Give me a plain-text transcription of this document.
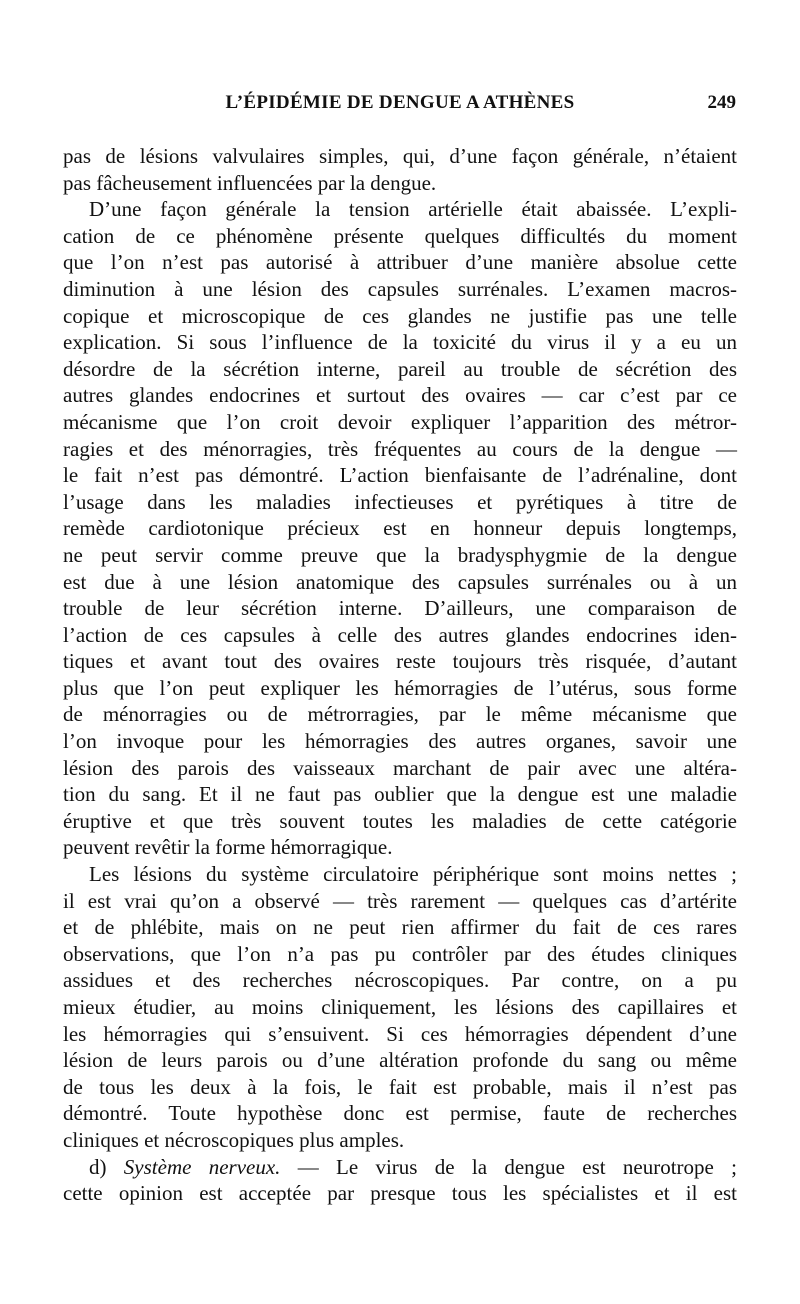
L’ÉPIDÉMIE DE DENGUE A ATHÈNES	249

pas de lésions valvulaires simples, qui, d’une façon générale, n’étaient
pas fâcheusement influencées par la dengue.

D’une façon générale la tension artérielle était abaissée. L’expli-
cation de ce phénomène présente quelques difficultés du moment
que l’on n’est pas autorisé à attribuer d’une manière absolue cette
diminution à une lésion des capsules surrénales. L’examen macros-
copique et microscopique de ces glandes ne justifie pas une telle
explication. Si sous l’influence de la toxicité du virus il y a eu un
désordre de la sécrétion interne, pareil au trouble de sécrétion des
autres glandes endocrines et surtout des ovaires — car c’est par ce
mécanisme que l’on croit devoir expliquer l’apparition des métror-
ragies et des ménorragies, très fréquentes au cours de la dengue —
le fait n’est pas démontré. L’action bienfaisante de l’adrénaline, dont
l’usage dans les maladies infectieuses et pyrétiques à titre de
remède cardiotonique précieux est en honneur depuis longtemps,
ne peut servir comme preuve que la bradysphygmie de la dengue
est due à une lésion anatomique des capsules surrénales ou à un
trouble de leur sécrétion interne. D’ailleurs, une comparaison de
l’action de ces capsules à celle des autres glandes endocrines iden-
tiques et avant tout des ovaires reste toujours très risquée, d’autant
plus que l’on peut expliquer les hémorragies de l’utérus, sous forme
de ménorragies ou de métrorragies, par le même mécanisme que
l’on invoque pour les hémorragies des autres organes, savoir une
lésion des parois des vaisseaux marchant de pair avec une altéra-
tion du sang. Et il ne faut pas oublier que la dengue est une maladie
éruptive et que très souvent toutes les maladies de cette catégorie
peuvent revêtir la forme hémorragique.

Les lésions du système circulatoire périphérique sont moins nettes ;
il est vrai qu’on a observé — très rarement — quelques cas d’artérite
et de phlébite, mais on ne peut rien affirmer du fait de ces rares
observations, que l’on n’a pas pu contrôler par des études cliniques
assidues et des recherches nécroscopiques. Par contre, on a pu
mieux étudier, au moins cliniquement, les lésions des capillaires et
les hémorragies qui s’ensuivent. Si ces hémorragies dépendent d’une
lésion de leurs parois ou d’une altération profonde du sang ou même
de tous les deux à la fois, le fait est probable, mais il n’est pas
démontré. Toute hypothèse donc est permise, faute de recherches
cliniques et nécroscopiques plus amples.

d) Système nerveux. — Le virus de la dengue est neurotrope ;
cette opinion est acceptée par presque tous les spécialistes et il est
